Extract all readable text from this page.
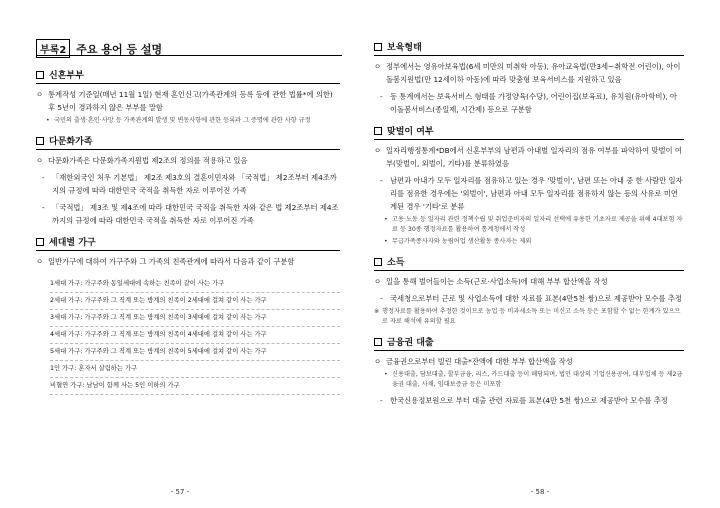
부록2 주요 용어 등 설명
신혼부부
ㅇ 통계작성 기준일(매년 11월 1일) 현재 혼인신고(가족관계의 등록 등에 관한 법률*에 의한) 후 5년이 경과하지 않은 부부를 말함
• 국민의 출생·혼인·사망 등 가족관계의 발생 및 변동사항에 관한 등록과 그 증명에 관한 사항 규정
다문화가족
ㅇ 다문화가족은 다문화가족지원법 제2조의 정의를 적용하고 있음
-	「재한외국인 처우 기본법」 제2조 제3호의 결혼이민자와 「국적법」 제2조부터 제4조까지의 규정에 따라 대한민국 국적을 취득한 자로 이루어진 가족
-	「국적법」 제3조 및 제4조에 따라 대한민국 국적을 취득한 자와 같은 법 제2조부터 제4조까지의 규정에 따라 대한민국 국적을 취득한 자로 이루어진 가족
세대별 가구
ㅇ 일반가구에 대하여 가구주와 그 가족의 친족관계에 따라서 다음과 같이 구분함
1세대 가구: 가구주와 동일세대에 속하는 친족이 같이 사는 가구
2세대 가구: 가구주와 그 직계 또는 방계의 친족이 2세대에 걸쳐 같이 사는 가구
3세대 가구: 가구주와 그 직계 또는 방계의 친족이 3세대에 걸쳐 같이 사는 가구
4세대 가구: 가구주와 그 직계 또는 방계의 친족이 4세대에 걸쳐 같이 사는 가구
5세대 가구: 가구주와 그 직계 또는 방계의 친족이 5세대에 걸쳐 같이 사는 가구
1인 가구: 혼자서 살림하는 가구
비혈연 가구: 남남이 함께 사는 5인 이하의 가구
- 57 -
보육형태
ㅇ 정부에서는 영유아보육법(6세 미만의 미취학 아동), 유아교육법(만3세~취학전 어린이), 아이돌봄지원법(만 12세이하 아동)에 따라 맞춤형 보육서비스를 지원하고 있음
-	동 통계에서는 보육서비스 형태를 가정양육(수당), 어린이집(보육료), 유치원(유아학비), 아이돌봄서비스(종일제, 시간제) 등으로 구분함
맞벌이 여부
ㅇ 일자리행정통계*DB에서 신혼부부의 남편과 아내별 일자리의 점유 여부를 파악하여 맞벌이 여부(맞벌이, 외벌이, 기타)를 분류하였음
-	남편과 아내가 모두 일자리를 점유하고 있는 경우 '맞벌이', 남편 또는 아내 중 한 사람만 일자리를 점유한 경우에는 '외벌이', 남편과 아내 모두 일자리를 점유하지 않는 등의 사유로 미연계된 경우 '기타'로 분류
• 고용·노동 등 일자리 관련 정책수립 및 취업준비자의 일자리 선택에 유용한 기초자료 제공을 위해 4대보험 자료 등 30종 행정자료를 활용하여 통계청에서 작성
• 무급가족종사자와 농림어업 생산활동 종사자는 제외
소득
ㅇ 일을 통해 벌어들이는 소득(근로·사업소득)에 대해 부부 합산액을 작성
-	국세청으로부터 근로 및 사업소득에 대한 자료를 표본(4만5천 쌍)으로 제공받아 모수를 추정
※ 행정자료를 활용하여 추정한 것이므로 농업 등 비과세소득 또는 미신고 소득 등은 포함할 수 없는 한계가 있으므로 자료 해석에 유의할 필요
금융권 대출
ㅇ 금융권으로부터 빌린 대출*잔액에 대한 부부 합산액을 작성
• 신용대출, 담보대출, 할부금융, 리스, 카드대출 등이 해당되며, 법인 대상의 기업신용공여, 대부업체 등 제2금융권 대출, 사채, 임대보증금 등은 미포함
-	한국신용정보원으로 부터 대출 관련 자료를 표본(4만 5천 쌍)으로 제공받아 모수를 추정
- 58 -
